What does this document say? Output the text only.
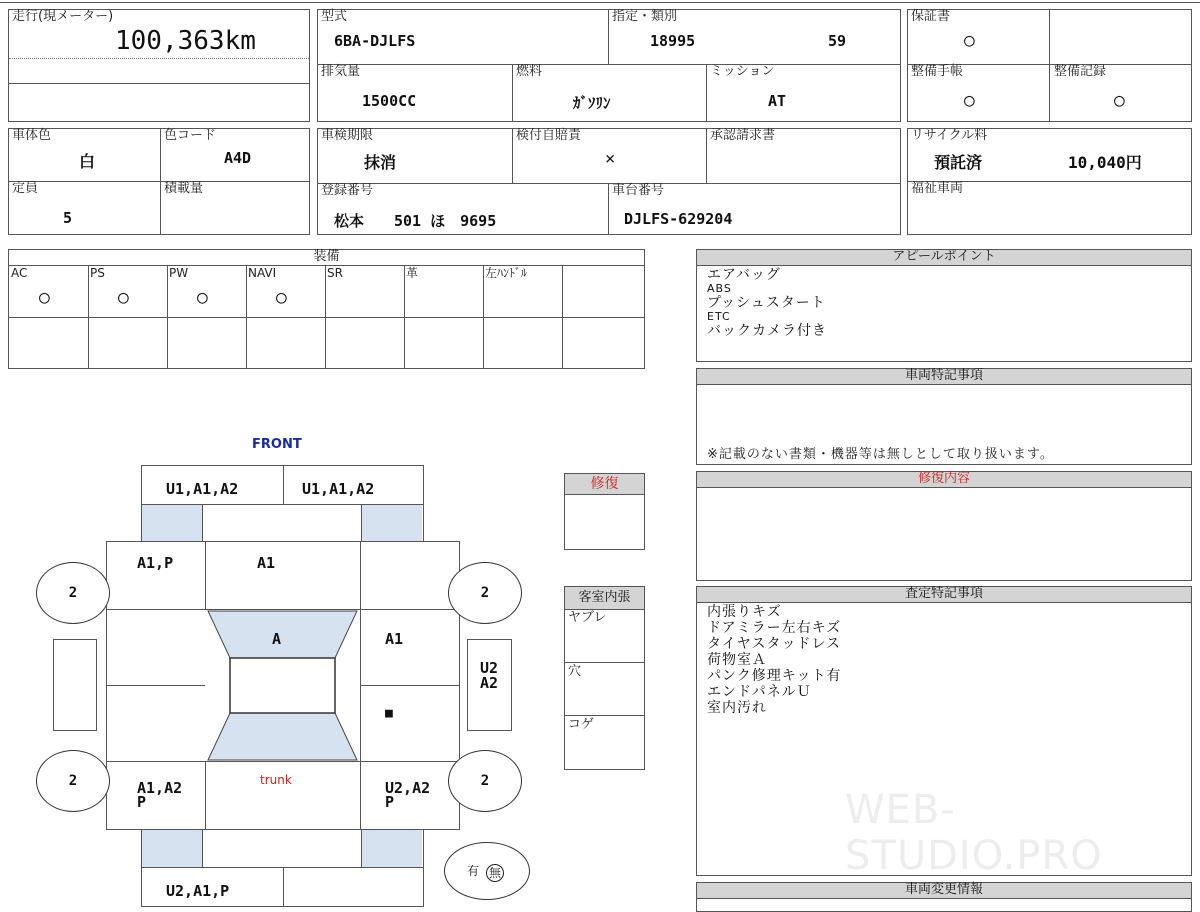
走行(現メーター)
100,363km
型式
6BA-DJLFS
指定・類別
18995	59
排気量
1500CC
燃料
ｶﾞｿﾘﾝ
ミッション
AT
保証書
○
整備手帳
○
整備記録
○
車体色
白
色コード
A4D
定員
5
積載量
車検期限
抹消
検付自賠責
×
承認請求書
登録番号
松本　　501 ほ　9695
車台番号
DJLFS-629204
リサイクル料
預託済	10,040円
福祉車両
装備
AC
○
PS
○
PW
○
NAVI
○
SR	革	左ﾊﾝﾄﾞﾙ
アピールポイント
エアバッグ
ABS
プッシュスタート
ETC
バックカメラ付き
車両特記事項
※記載のない書類・機器等は無しとして取り扱います。
修復内容
査定特記事項
内張りキズ
ドアミラー左右キズ
タイヤスタッドレス
荷物室Ａ
パンク修理キット有
エンドパネルＵ
室内汚れ
WEB-STUDIO.PRO
車両変更情報
修復
客室内張
ヤブレ
穴
コゲ
FRONT
U1,A1,A2	U1,A1,A2
A1,P	A1
A	A1
■
trunk
A1,A2
P
U2,A2
P
U2
A2
2	2
2	2
U2,A1,P
有 無
